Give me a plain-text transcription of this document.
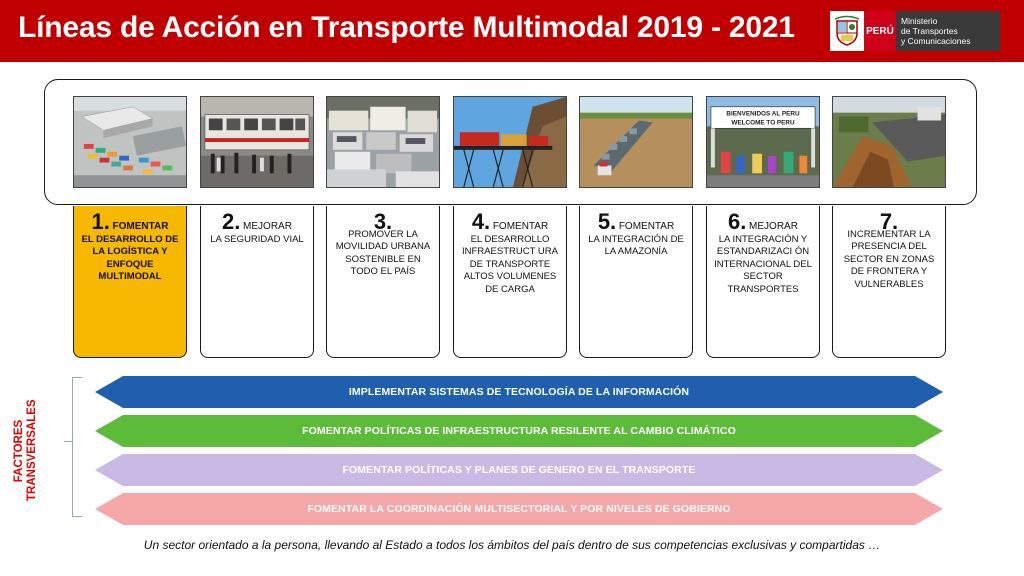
Líneas de Acción en Transporte Multimodal 2019 - 2021	PERÚ
Ministerio
de Transportes
y Comunicaciones
BIENVENIDOS AL PERU
WELCOME TO PERU
1. FOMENTAR
EL DESARROLLO DE LA LOGÍSTICA Y ENFOQUE MULTIMODAL
2. MEJORAR
LA SEGURIDAD VIAL
3.
PROMOVER LA MOVILIDAD URBANA SOSTENIBLE EN TODO EL PAÍS
4. FOMENTAR
EL DESARROLLO INFRAESTRUCT URA DE TRANSPORTE ALTOS VOLUMENES DE CARGA
5. FOMENTAR
LA INTEGRACIÓN DE LA AMAZONÍA
6. MEJORAR
LA INTEGRACIÓN Y ESTANDARIZACI ÓN INTERNACIONAL DEL SECTOR TRANSPORTES
7.
INCREMENTAR LA PRESENCIA DEL SECTOR EN ZONAS DE FRONTERA Y VULNERABLES
FACTORES TRANSVERSALES
IMPLEMENTAR SISTEMAS DE TECNOLOGÍA DE LA INFORMACIÓN
FOMENTAR POLÍTICAS DE INFRAESTRUCTURA RESILENTE AL CAMBIO CLIMÁTICO
FOMENTAR POLÍTICAS Y PLANES DE GENERO EN EL TRANSPORTE
FOMENTAR LA COORDINACIÓN MULTISECTORIAL Y POR NIVELES DE GOBIERNO
Un sector orientado a la persona, llevando al Estado a todos los ámbitos del país dentro de sus competencias exclusivas y compartidas …
